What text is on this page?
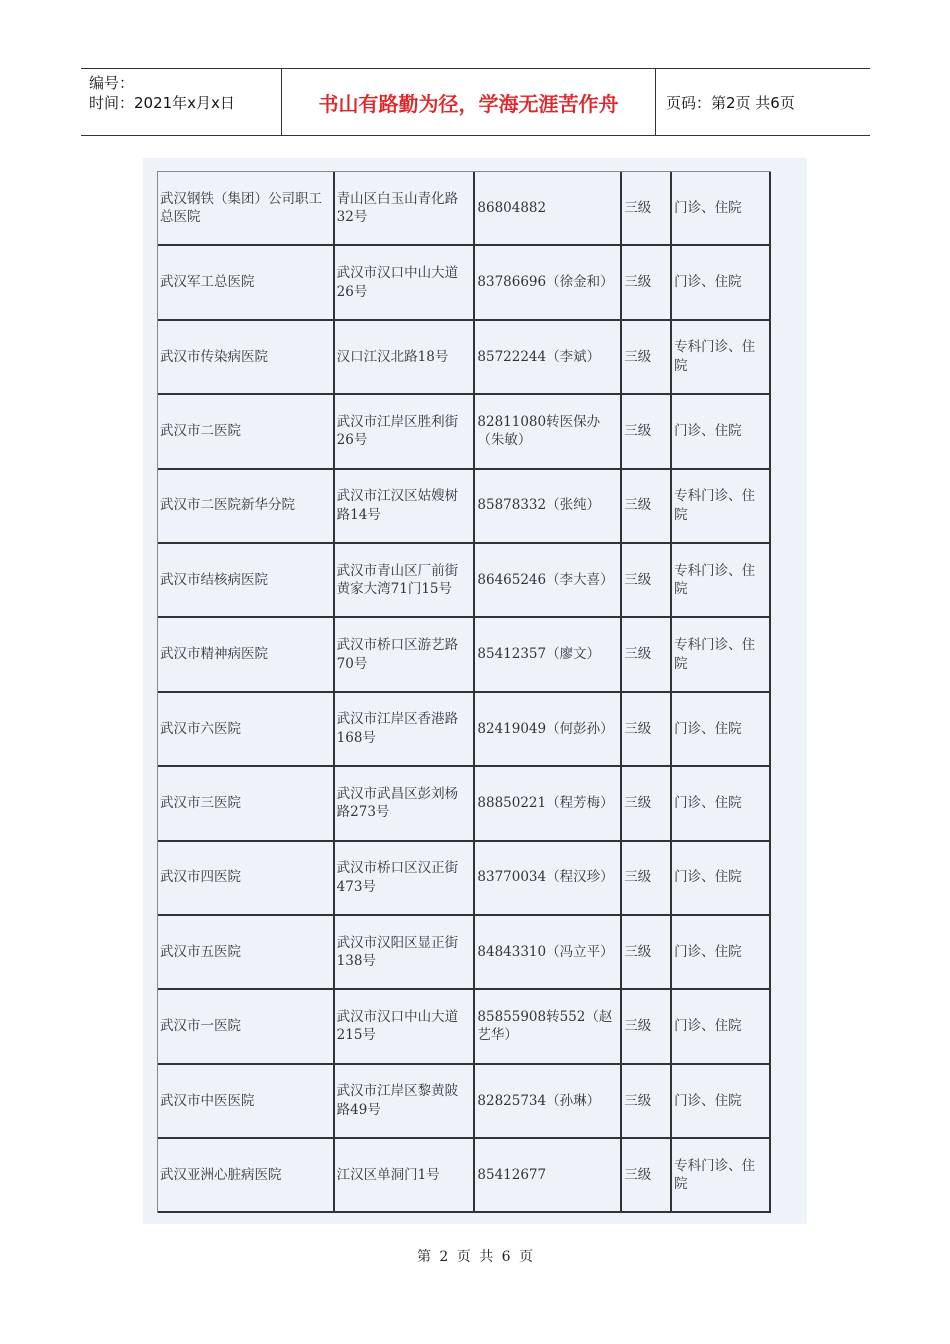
编号：
时间：2021年x月x日	书山有路勤为径，学海无涯苦作舟	页码：第2页 共6页
武汉钢铁（集团）公司职工总医院	青山区白玉山青化路32号	86804882	三级	门诊、住院
武汉军工总医院	武汉市汉口中山大道26号	83786696（徐金和）	三级	门诊、住院
武汉市传染病医院	汉口江汉北路18号	85722244（李斌）	三级	专科门诊、住院
武汉市二医院	武汉市江岸区胜利街26号	82811080转医保办（朱敏）	三级	门诊、住院
武汉市二医院新华分院	武汉市江汉区姑嫂树路14号	85878332（张纯）	三级	专科门诊、住院
武汉市结核病医院	武汉市青山区厂前街黄家大湾71门15号	86465246（李大喜）	三级	专科门诊、住院
武汉市精神病医院	武汉市桥口区游艺路70号	85412357（廖文）	三级	专科门诊、住院
武汉市六医院	武汉市江岸区香港路168号	82419049（何彭孙）	三级	门诊、住院
武汉市三医院	武汉市武昌区彭刘杨路273号	88850221（程芳梅）	三级	门诊、住院
武汉市四医院	武汉市桥口区汉正街473号	83770034（程汉珍）	三级	门诊、住院
武汉市五医院	武汉市汉阳区显正街138号	84843310（冯立平）	三级	门诊、住院
武汉市一医院	武汉市汉口中山大道215号	85855908转552（赵艺华）	三级	门诊、住院
武汉市中医医院	武汉市江岸区黎黄陂路49号	82825734（孙琳）	三级	门诊、住院
武汉亚洲心脏病医院	江汉区单洞门1号	85412677	三级	专科门诊、住院
第 2 页 共 6 页
